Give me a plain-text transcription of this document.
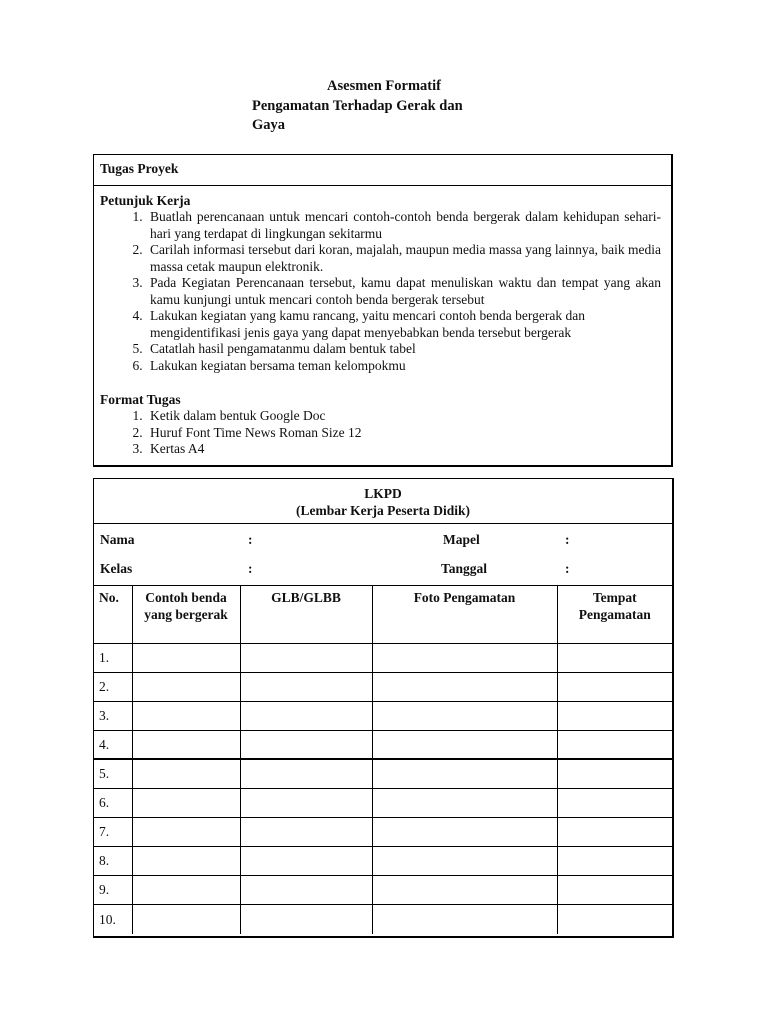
Asesmen Formatif
Pengamatan Terhadap Gerak dan
Gaya
Tugas Proyek
Petunjuk Kerja
1. Buatlah perencanaan untuk mencari contoh-contoh benda bergerak dalam kehidupan sehari-hari yang terdapat di lingkungan sekitarmu
2. Carilah informasi tersebut dari koran, majalah, maupun media massa yang lainnya, baik media massa cetak maupun elektronik.
3. Pada Kegiatan Perencanaan tersebut, kamu dapat menuliskan waktu dan tempat yang akan kamu kunjungi untuk mencari contoh benda bergerak tersebut
4. Lakukan kegiatan yang kamu rancang, yaitu mencari contoh benda bergerak dan mengidentifikasi jenis gaya yang dapat menyebabkan benda tersebut bergerak
5. Catatlah hasil pengamatanmu dalam bentuk tabel
6. Lakukan kegiatan bersama teman kelompokmu
Format Tugas
1. Ketik dalam bentuk Google Doc
2. Huruf Font Time News Roman Size 12
3. Kertas A4
LKPD
(Lembar Kerja Peserta Didik)
Nama	:	Mapel	:
Kelas	:	Tanggal	:
No.	Contoh benda yang bergerak	GLB/GLBB	Foto Pengamatan	Tempat Pengamatan
1.				
2.				
3.				
4.				
5.				
6.				
7.				
8.				
9.				
10.				
